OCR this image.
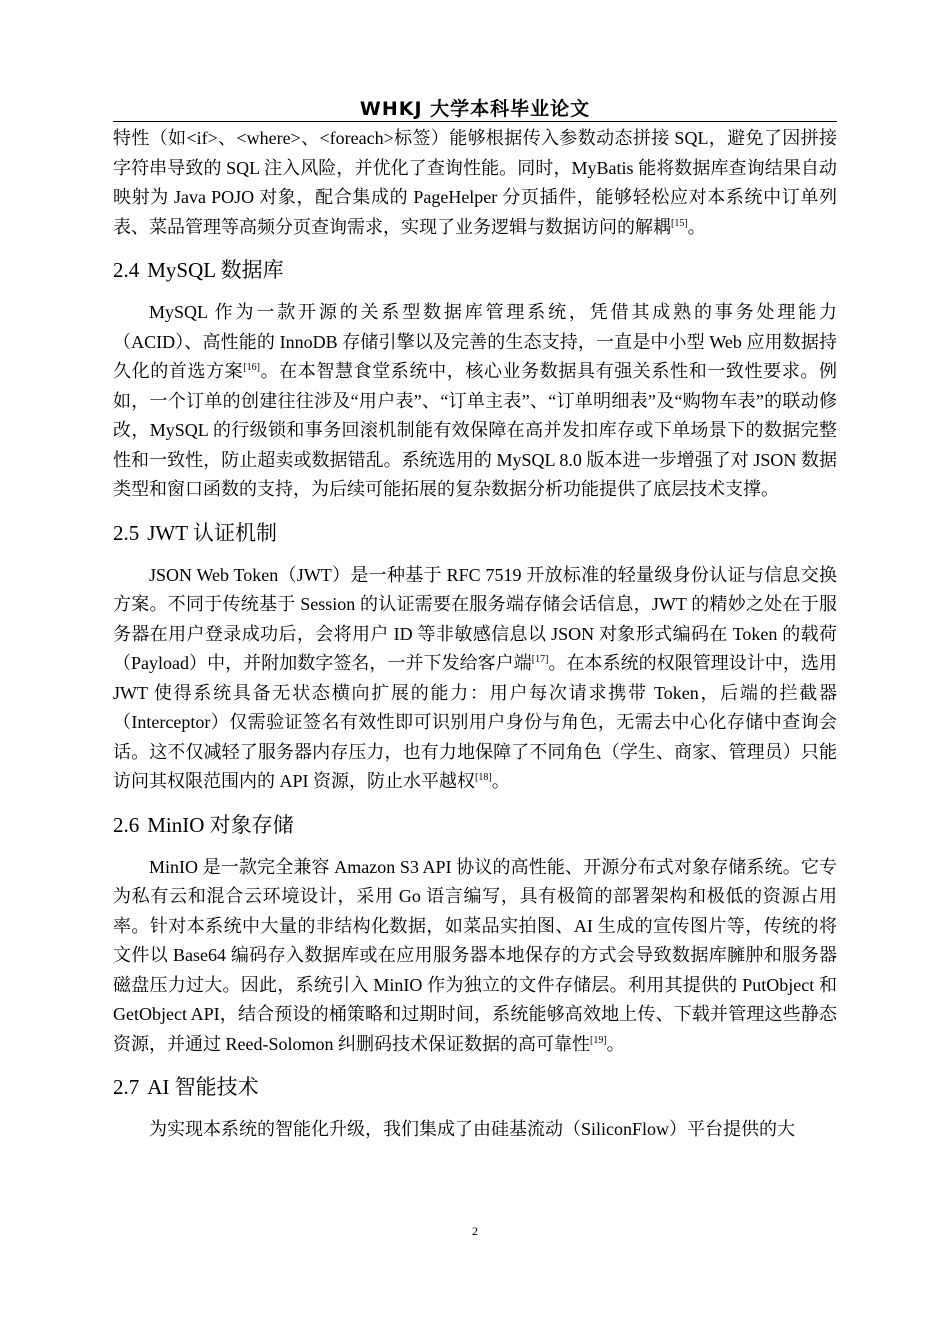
WHKJ 大学本科毕业论文

特性（如<if>、<where>、<foreach>标签）能够根据传入参数动态拼接 SQL，避免了因拼接字符串导致的 SQL 注入风险，并优化了查询性能。同时，MyBatis 能将数据库查询结果自动映射为 Java POJO 对象，配合集成的 PageHelper 分页插件，能够轻松应对本系统中订单列表、菜品管理等高频分页查询需求，实现了业务逻辑与数据访问的解耦[15]。

2.4 MySQL 数据库

MySQL 作为一款开源的关系型数据库管理系统，凭借其成熟的事务处理能力（ACID）、高性能的 InnoDB 存储引擎以及完善的生态支持，一直是中小型 Web 应用数据持久化的首选方案[16]。在本智慧食堂系统中，核心业务数据具有强关系性和一致性要求。例如，一个订单的创建往往涉及“用户表”、“订单主表”、“订单明细表”及“购物车表”的联动修改，MySQL 的行级锁和事务回滚机制能有效保障在高并发扣库存或下单场景下的数据完整性和一致性，防止超卖或数据错乱。系统选用的 MySQL 8.0 版本进一步增强了对 JSON 数据类型和窗口函数的支持，为后续可能拓展的复杂数据分析功能提供了底层技术支撑。

2.5 JWT 认证机制

JSON Web Token（JWT）是一种基于 RFC 7519 开放标准的轻量级身份认证与信息交换方案。不同于传统基于 Session 的认证需要在服务端存储会话信息，JWT 的精妙之处在于服务器在用户登录成功后，会将用户 ID 等非敏感信息以 JSON 对象形式编码在 Token 的载荷（Payload）中，并附加数字签名，一并下发给客户端[17]。在本系统的权限管理设计中，选用 JWT 使得系统具备无状态横向扩展的能力：用户每次请求携带 Token，后端的拦截器（Interceptor）仅需验证签名有效性即可识别用户身份与角色，无需去中心化存储中查询会话。这不仅减轻了服务器内存压力，也有力地保障了不同角色（学生、商家、管理员）只能访问其权限范围内的 API 资源，防止水平越权[18]。

2.6 MinIO 对象存储

MinIO 是一款完全兼容 Amazon S3 API 协议的高性能、开源分布式对象存储系统。它专为私有云和混合云环境设计，采用 Go 语言编写，具有极简的部署架构和极低的资源占用率。针对本系统中大量的非结构化数据，如菜品实拍图、AI 生成的宣传图片等，传统的将文件以 Base64 编码存入数据库或在应用服务器本地保存的方式会导致数据库臃肿和服务器磁盘压力过大。因此，系统引入 MinIO 作为独立的文件存储层。利用其提供的 PutObject 和 GetObject API，结合预设的桶策略和过期时间，系统能够高效地上传、下载并管理这些静态资源，并通过 Reed-Solomon 纠删码技术保证数据的高可靠性[19]。

2.7 AI 智能技术

为实现本系统的智能化升级，我们集成了由硅基流动（SiliconFlow）平台提供的大

2
